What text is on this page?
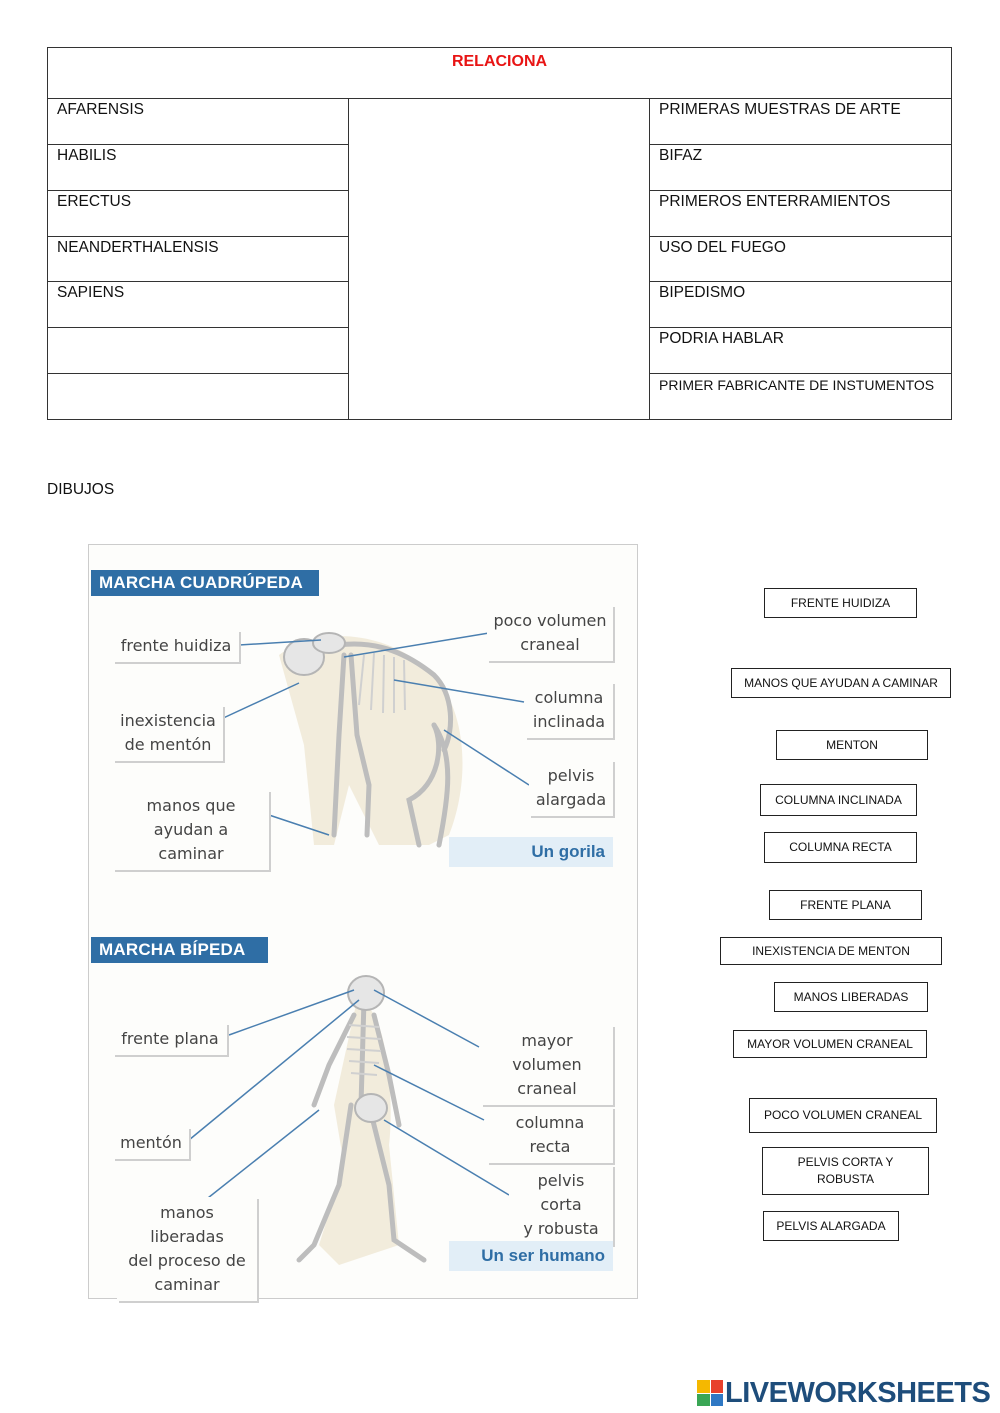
RELACIONA
AFARENSIS
HABILIS
ERECTUS
NEANDERTHALENSIS
SAPIENS
PRIMERAS MUESTRAS DE ARTE
BIFAZ
PRIMEROS ENTERRAMIENTOS
USO DEL FUEGO
BIPEDISMO
PODRIA HABLAR
PRIMER FABRICANTE DE INSTUMENTOS
DIBUJOS
MARCHA CUADRÚPEDA
frente huidiza
inexistencia
de mentón
manos que
ayudan a caminar
poco volumen
craneal
columna
inclinada
pelvis
alargada
Un gorila
MARCHA BÍPEDA
frente plana
mentón
manos liberadas
del proceso de
caminar
mayor volumen
craneal
columna recta
pelvis corta
y robusta
Un ser humano
FRENTE HUIDIZA
MANOS QUE AYUDAN A CAMINAR
MENTON
COLUMNA INCLINADA
COLUMNA RECTA
FRENTE PLANA
INEXISTENCIA DE MENTON
MANOS LIBERADAS
MAYOR VOLUMEN CRANEAL
POCO VOLUMEN CRANEAL
PELVIS CORTA Y ROBUSTA
PELVIS ALARGADA
LIVEWORKSHEETS
